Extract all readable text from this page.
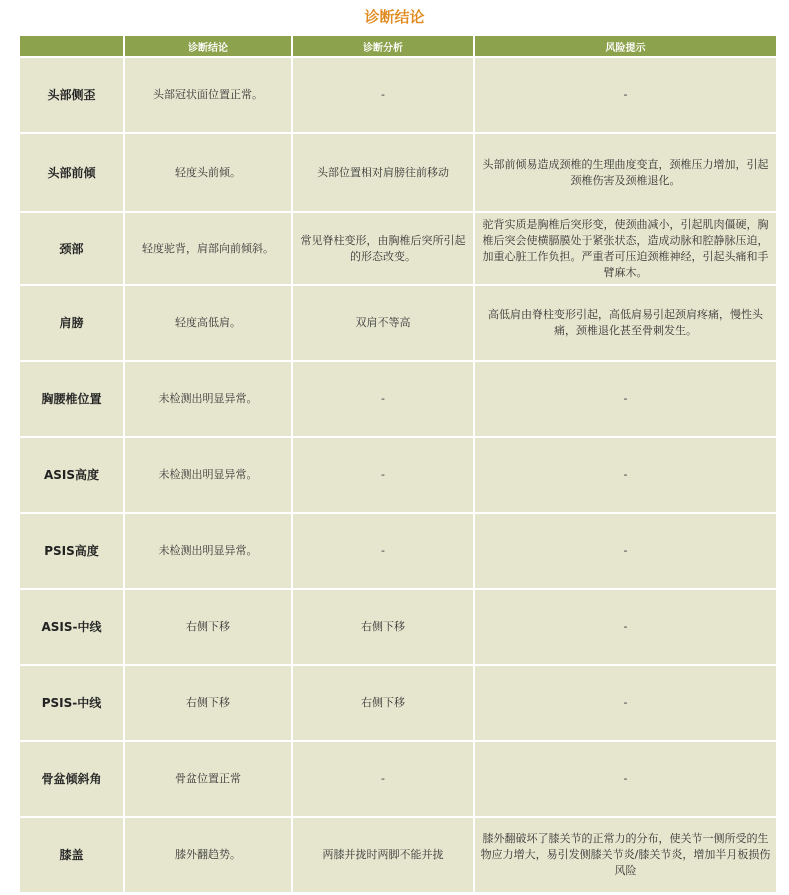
诊断结论
	诊断结论	诊断分析	风险提示
头部侧歪	头部冠状面位置正常。	-	-
头部前倾	轻度头前倾。	头部位置相对肩膀往前移动	头部前倾易造成颈椎的生理曲度变直，颈椎压力增加，引起颈椎伤害及颈椎退化。
颈部	轻度驼背，肩部向前倾斜。	常见脊柱变形，由胸椎后突所引起的形态改变。	驼背实质是胸椎后突形变，使颈曲减小，引起肌肉僵硬，胸椎后突会使横膈膜处于紧张状态，造成动脉和腔静脉压迫，加重心脏工作负担。严重者可压迫颈椎神经，引起头痛和手臂麻木。
肩膀	轻度高低肩。	双肩不等高	高低肩由脊柱变形引起，高低肩易引起颈肩疼痛，慢性头痛，颈椎退化甚至骨刺发生。
胸腰椎位置	未检测出明显异常。	-	-
ASIS高度	未检测出明显异常。	-	-
PSIS高度	未检测出明显异常。	-	-
ASIS-中线	右侧下移	右侧下移	-
PSIS-中线	右侧下移	右侧下移	-
骨盆倾斜角	骨盆位置正常	-	-
膝盖	膝外翻趋势。	两膝并拢时两脚不能并拢	膝外翻破坏了膝关节的正常力的分布，使关节一侧所受的生物应力增大，易引发侧膝关节炎/膝关节炎，增加半月板损伤风险
